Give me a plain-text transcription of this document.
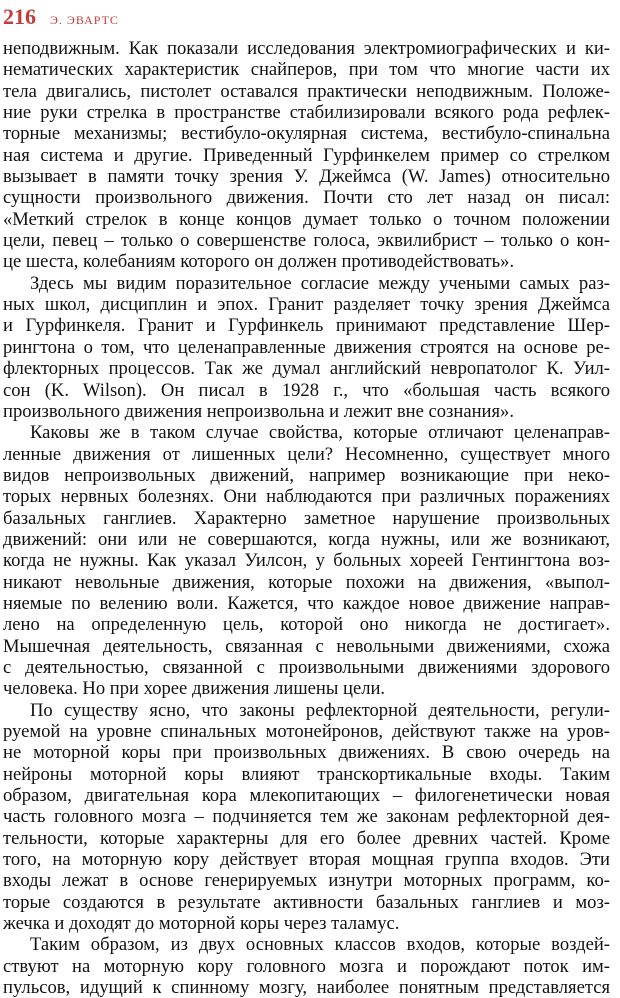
216 Э. ЭВАРТС

неподвижным. Как показали исследования электромиографических и ки-
нематических характеристик снайперов, при том что многие части их
тела двигались, пистолет оставался практически неподвижным. Положе-
ние руки стрелка в пространстве стабилизировали всякого рода рефлек-
торные механизмы; вестибуло-окулярная система, вестибуло-спинальна
ная система и другие. Приведенный Гурфинкелем пример со стрелком
вызывает в памяти точку зрения У. Джеймса (W. James) относительно
сущности произвольного движения. Почти сто лет назад он писал:
«Меткий стрелок в конце концов думает только о точном положении
цели, певец – только о совершенстве голоса, эквилибрист – только о кон-
це шеста, колебаниям которого он должен противодействовать».

Здесь мы видим поразительное согласие между учеными самых раз-
ных школ, дисциплин и эпох. Гранит разделяет точку зрения Джеймса
и Гурфинкеля. Гранит и Гурфинкель принимают представление Шер-
рингтона о том, что целенаправленные движения строятся на основе ре-
флекторных процессов. Так же думал английский невропатолог К. Уил-
сон (K. Wilson). Он писал в 1928 г., что «большая часть всякого
произвольного движения непроизвольна и лежит вне сознания».

Каковы же в таком случае свойства, которые отличают целенаправ-
ленные движения от лишенных цели? Несомненно, существует много
видов непроизвольных движений, например возникающие при неко-
торых нервных болезнях. Они наблюдаются при различных поражениях
базальных ганглиев. Характерно заметное нарушение произвольных
движений: они или не совершаются, когда нужны, или же возникают,
когда не нужны. Как указал Уилсон, у больных хореей Гентингтона воз-
никают невольные движения, которые похожи на движения, «выпол-
няемые по велению воли. Кажется, что каждое новое движение направ-
лено на определенную цель, которой оно никогда не достигает».
Мышечная деятельность, связанная с невольными движениями, схожа
с деятельностью, связанной с произвольными движениями здорового
человека. Но при хорее движения лишены цели.

По существу ясно, что законы рефлекторной деятельности, регули-
руемой на уровне спинальных мотонейронов, действуют также на уров-
не моторной коры при произвольных движениях. В свою очередь на
нейроны моторной коры влияют транскортикальные входы. Таким
образом, двигательная кора млекопитающих – филогенетически новая
часть головного мозга – подчиняется тем же законам рефлекторной дея-
тельности, которые характерны для его более древних частей. Кроме
того, на моторную кору действует вторая мощная группа входов. Эти
входы лежат в основе генерируемых изнутри моторных программ, ко-
торые создаются в результате активности базальных ганглиев и моз-
жечка и доходят до моторной коры через таламус.

Таким образом, из двух основных классов входов, которые воздей-
ствуют на моторную кору головного мозга и порождают поток им-
пульсов, идущий к спинному мозгу, наиболее понятным представляется
